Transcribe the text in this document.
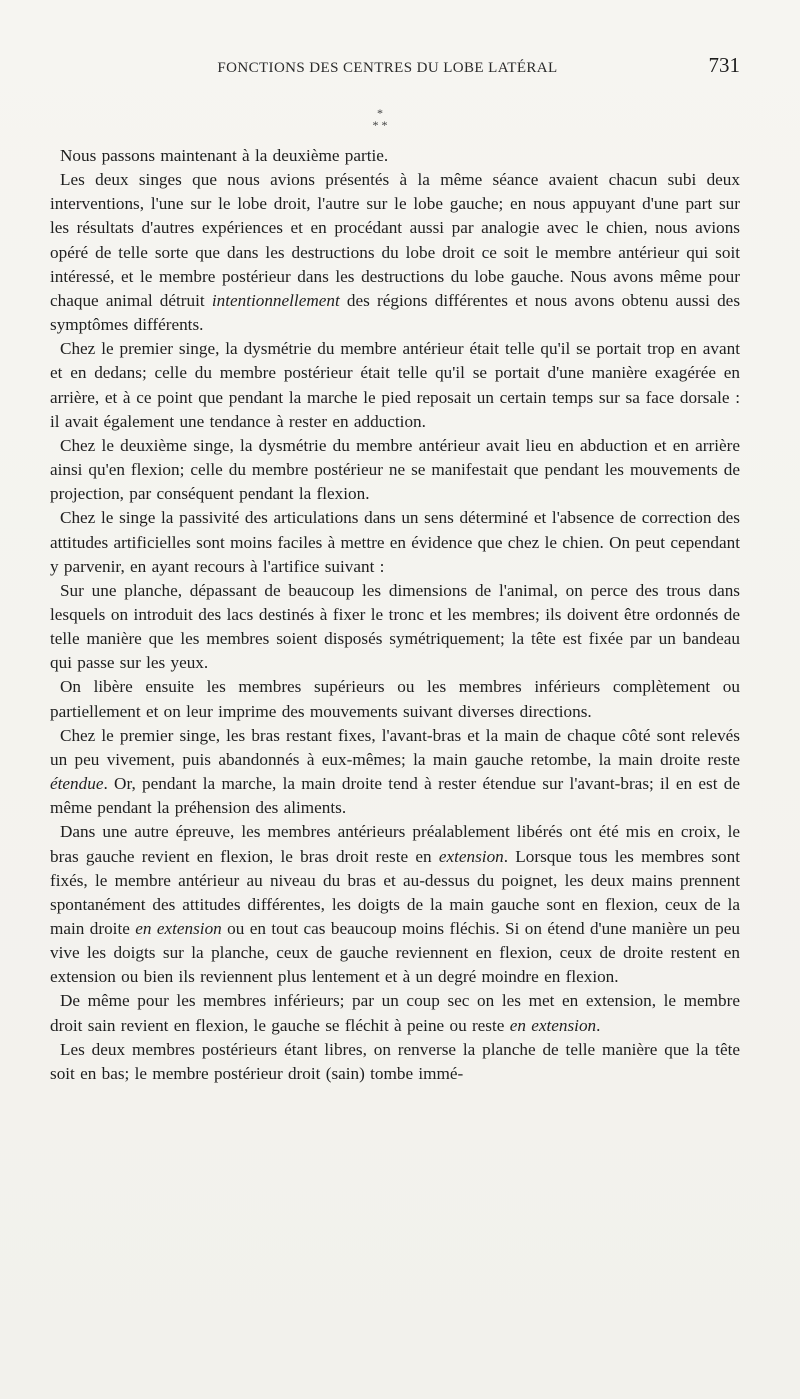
FONCTIONS DES CENTRES DU LOBE LATÉRAL	731
*
* *

Nous passons maintenant à la deuxième partie.

Les deux singes que nous avions présentés à la même séance avaient chacun subi deux interventions, l'une sur le lobe droit, l'autre sur le lobe gauche; en nous appuyant d'une part sur les résultats d'autres expériences et en procédant aussi par analogie avec le chien, nous avions opéré de telle sorte que dans les destructions du lobe droit ce soit le membre antérieur qui soit intéressé, et le membre postérieur dans les destructions du lobe gauche. Nous avons même pour chaque animal détruit intentionnellement des régions différentes et nous avons obtenu aussi des symptômes différents.

Chez le premier singe, la dysmétrie du membre antérieur était telle qu'il se portait trop en avant et en dedans; celle du membre postérieur était telle qu'il se portait d'une manière exagérée en arrière, et à ce point que pendant la marche le pied reposait un certain temps sur sa face dorsale : il avait également une tendance à rester en adduction.

Chez le deuxième singe, la dysmétrie du membre antérieur avait lieu en abduction et en arrière ainsi qu'en flexion; celle du membre postérieur ne se manifestait que pendant les mouvements de projection, par conséquent pendant la flexion.

Chez le singe la passivité des articulations dans un sens déterminé et l'absence de correction des attitudes artificielles sont moins faciles à mettre en évidence que chez le chien. On peut cependant y parvenir, en ayant recours à l'artifice suivant :

Sur une planche, dépassant de beaucoup les dimensions de l'animal, on perce des trous dans lesquels on introduit des lacs destinés à fixer le tronc et les membres; ils doivent être ordonnés de telle manière que les membres soient disposés symétriquement; la tête est fixée par un bandeau qui passe sur les yeux.

On libère ensuite les membres supérieurs ou les membres inférieurs complètement ou partiellement et on leur imprime des mouvements suivant diverses directions.

Chez le premier singe, les bras restant fixes, l'avant-bras et la main de chaque côté sont relevés un peu vivement, puis abandonnés à eux-mêmes; la main gauche retombe, la main droite reste étendue. Or, pendant la marche, la main droite tend à rester étendue sur l'avant-bras; il en est de même pendant la préhension des aliments.

Dans une autre épreuve, les membres antérieurs préalablement libérés ont été mis en croix, le bras gauche revient en flexion, le bras droit reste en extension. Lorsque tous les membres sont fixés, le membre antérieur au niveau du bras et au-dessus du poignet, les deux mains prennent spontanément des attitudes différentes, les doigts de la main gauche sont en flexion, ceux de la main droite en extension ou en tout cas beaucoup moins fléchis. Si on étend d'une manière un peu vive les doigts sur la planche, ceux de gauche reviennent en flexion, ceux de droite restent en extension ou bien ils reviennent plus lentement et à un degré moindre en flexion.

De même pour les membres inférieurs; par un coup sec on les met en extension, le membre droit sain revient en flexion, le gauche se fléchit à peine ou reste en extension.

Les deux membres postérieurs étant libres, on renverse la planche de telle manière que la tête soit en bas; le membre postérieur droit (sain) tombe immé-
